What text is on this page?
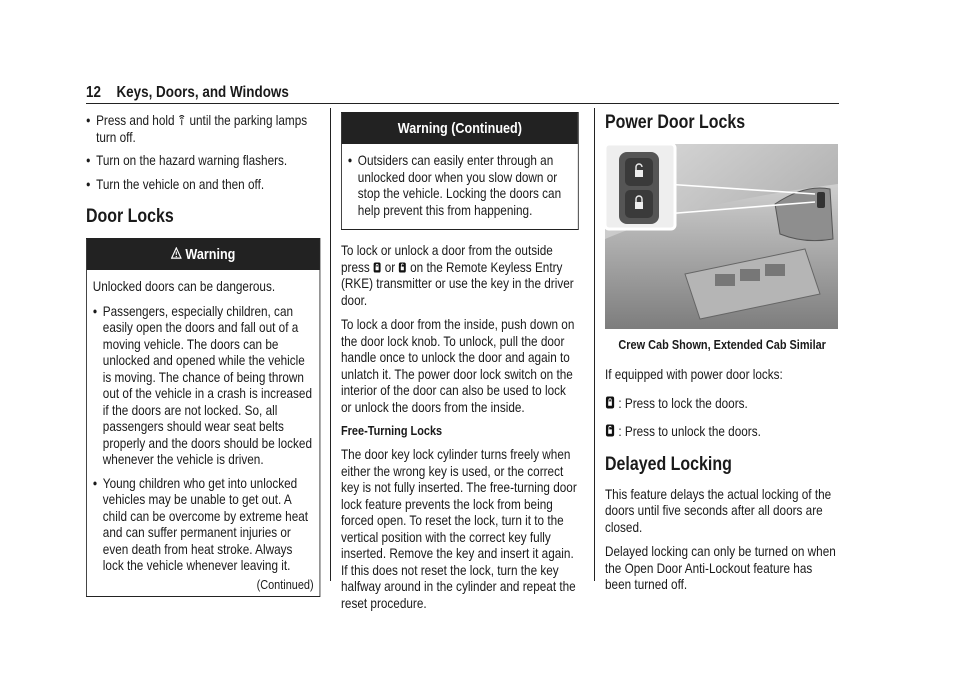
12 Keys, Doors, and Windows
● Press and hold until the parking lamps turn off.
● Turn on the hazard warning flashers.
● Turn the vehicle on and then off.
Door Locks
Warning

Unlocked doors can be dangerous.

● Passengers, especially children, can easily open the doors and fall out of a moving vehicle. The doors can be unlocked and opened while the vehicle is moving. The chance of being thrown out of the vehicle in a crash is increased if the doors are not locked. So, all passengers should wear seat belts properly and the doors should be locked whenever the vehicle is driven.
● Young children who get into unlocked vehicles may be unable to get out. A child can be overcome by extreme heat and can suffer permanent injuries or even death from heat stroke. Always lock the vehicle whenever leaving it.
(Continued)
Warning (Continued)
● Outsiders can easily enter through an unlocked door when you slow down or stop the vehicle. Locking the doors can help prevent this from happening.

To lock or unlock a door from the outside press or on the Remote Keyless Entry (RKE) transmitter or use the key in the driver door.

To lock a door from the inside, push down on the door lock knob. To unlock, pull the door handle once to unlock the door and again to unlatch it. The power door lock switch on the interior of the door can also be used to lock or unlock the doors from the inside.

Free-Turning Locks

The door key lock cylinder turns freely when either the wrong key is used, or the correct key is not fully inserted. The free-turning door lock feature prevents the lock from being forced open. To reset the lock, turn it to the vertical position with the correct key fully inserted. Remove the key and insert it again. If this does not reset the lock, turn the key halfway around in the cylinder and repeat the reset procedure.

Power Door Locks
Crew Cab Shown, Extended Cab Similar

If equipped with power door locks:

: Press to lock the doors.

: Press to unlock the doors.

Delayed Locking

This feature delays the actual locking of the doors until five seconds after all doors are closed.

Delayed locking can only be turned on when the Open Door Anti-Lockout feature has been turned off.
